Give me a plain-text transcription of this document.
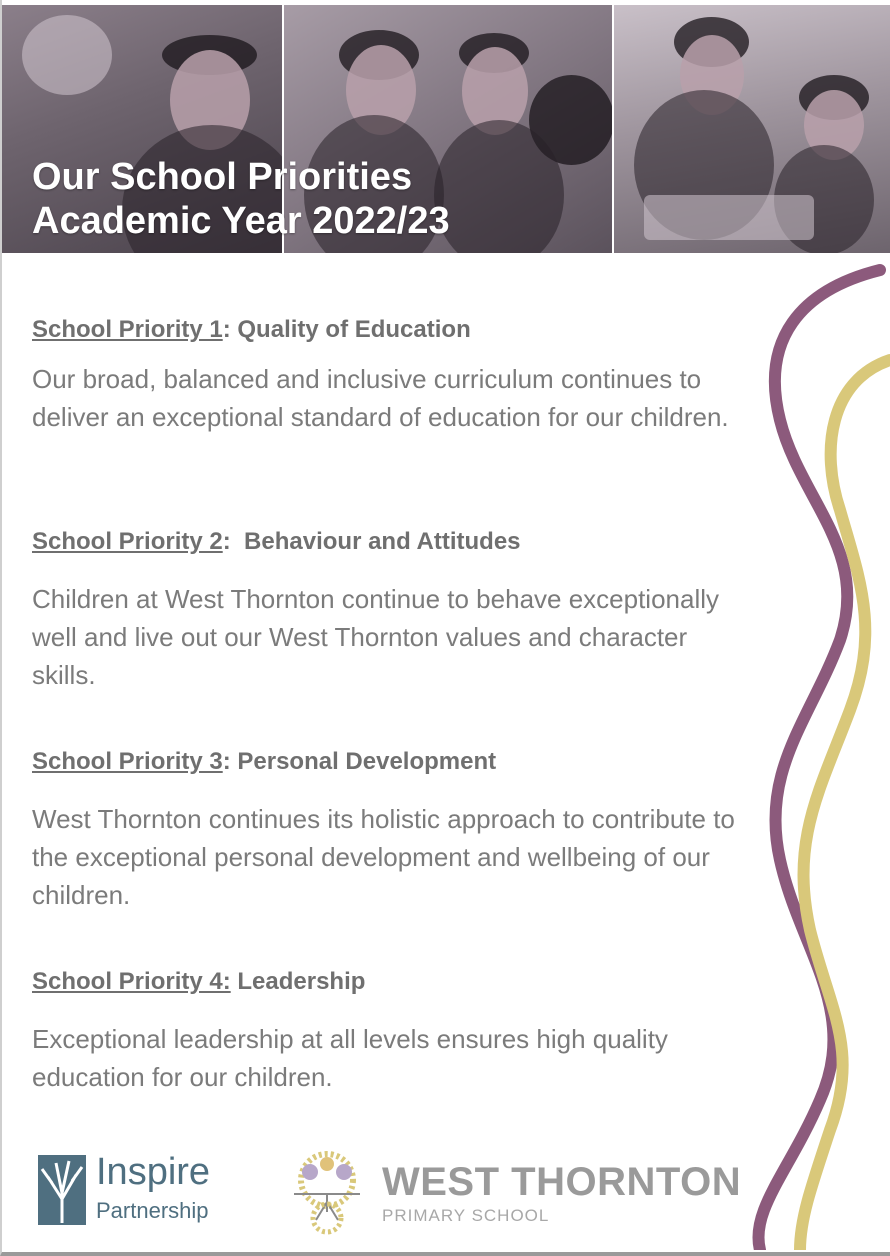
Our School Priorities
Academic Year 2022/23

School Priority 1: Quality of Education

Our broad, balanced and inclusive curriculum continues to deliver an exceptional standard of education for our children.

School Priority 2:  Behaviour and Attitudes

Children at West Thornton continue to behave exceptionally well and live out our West Thornton values and character skills.

School Priority 3: Personal Development

West Thornton continues its holistic approach to contribute to the exceptional personal development and wellbeing of our children.

School Priority 4: Leadership

Exceptional leadership at all levels ensures high quality education for our children.

Inspire
Partnership
WEST THORNTON
PRIMARY SCHOOL
